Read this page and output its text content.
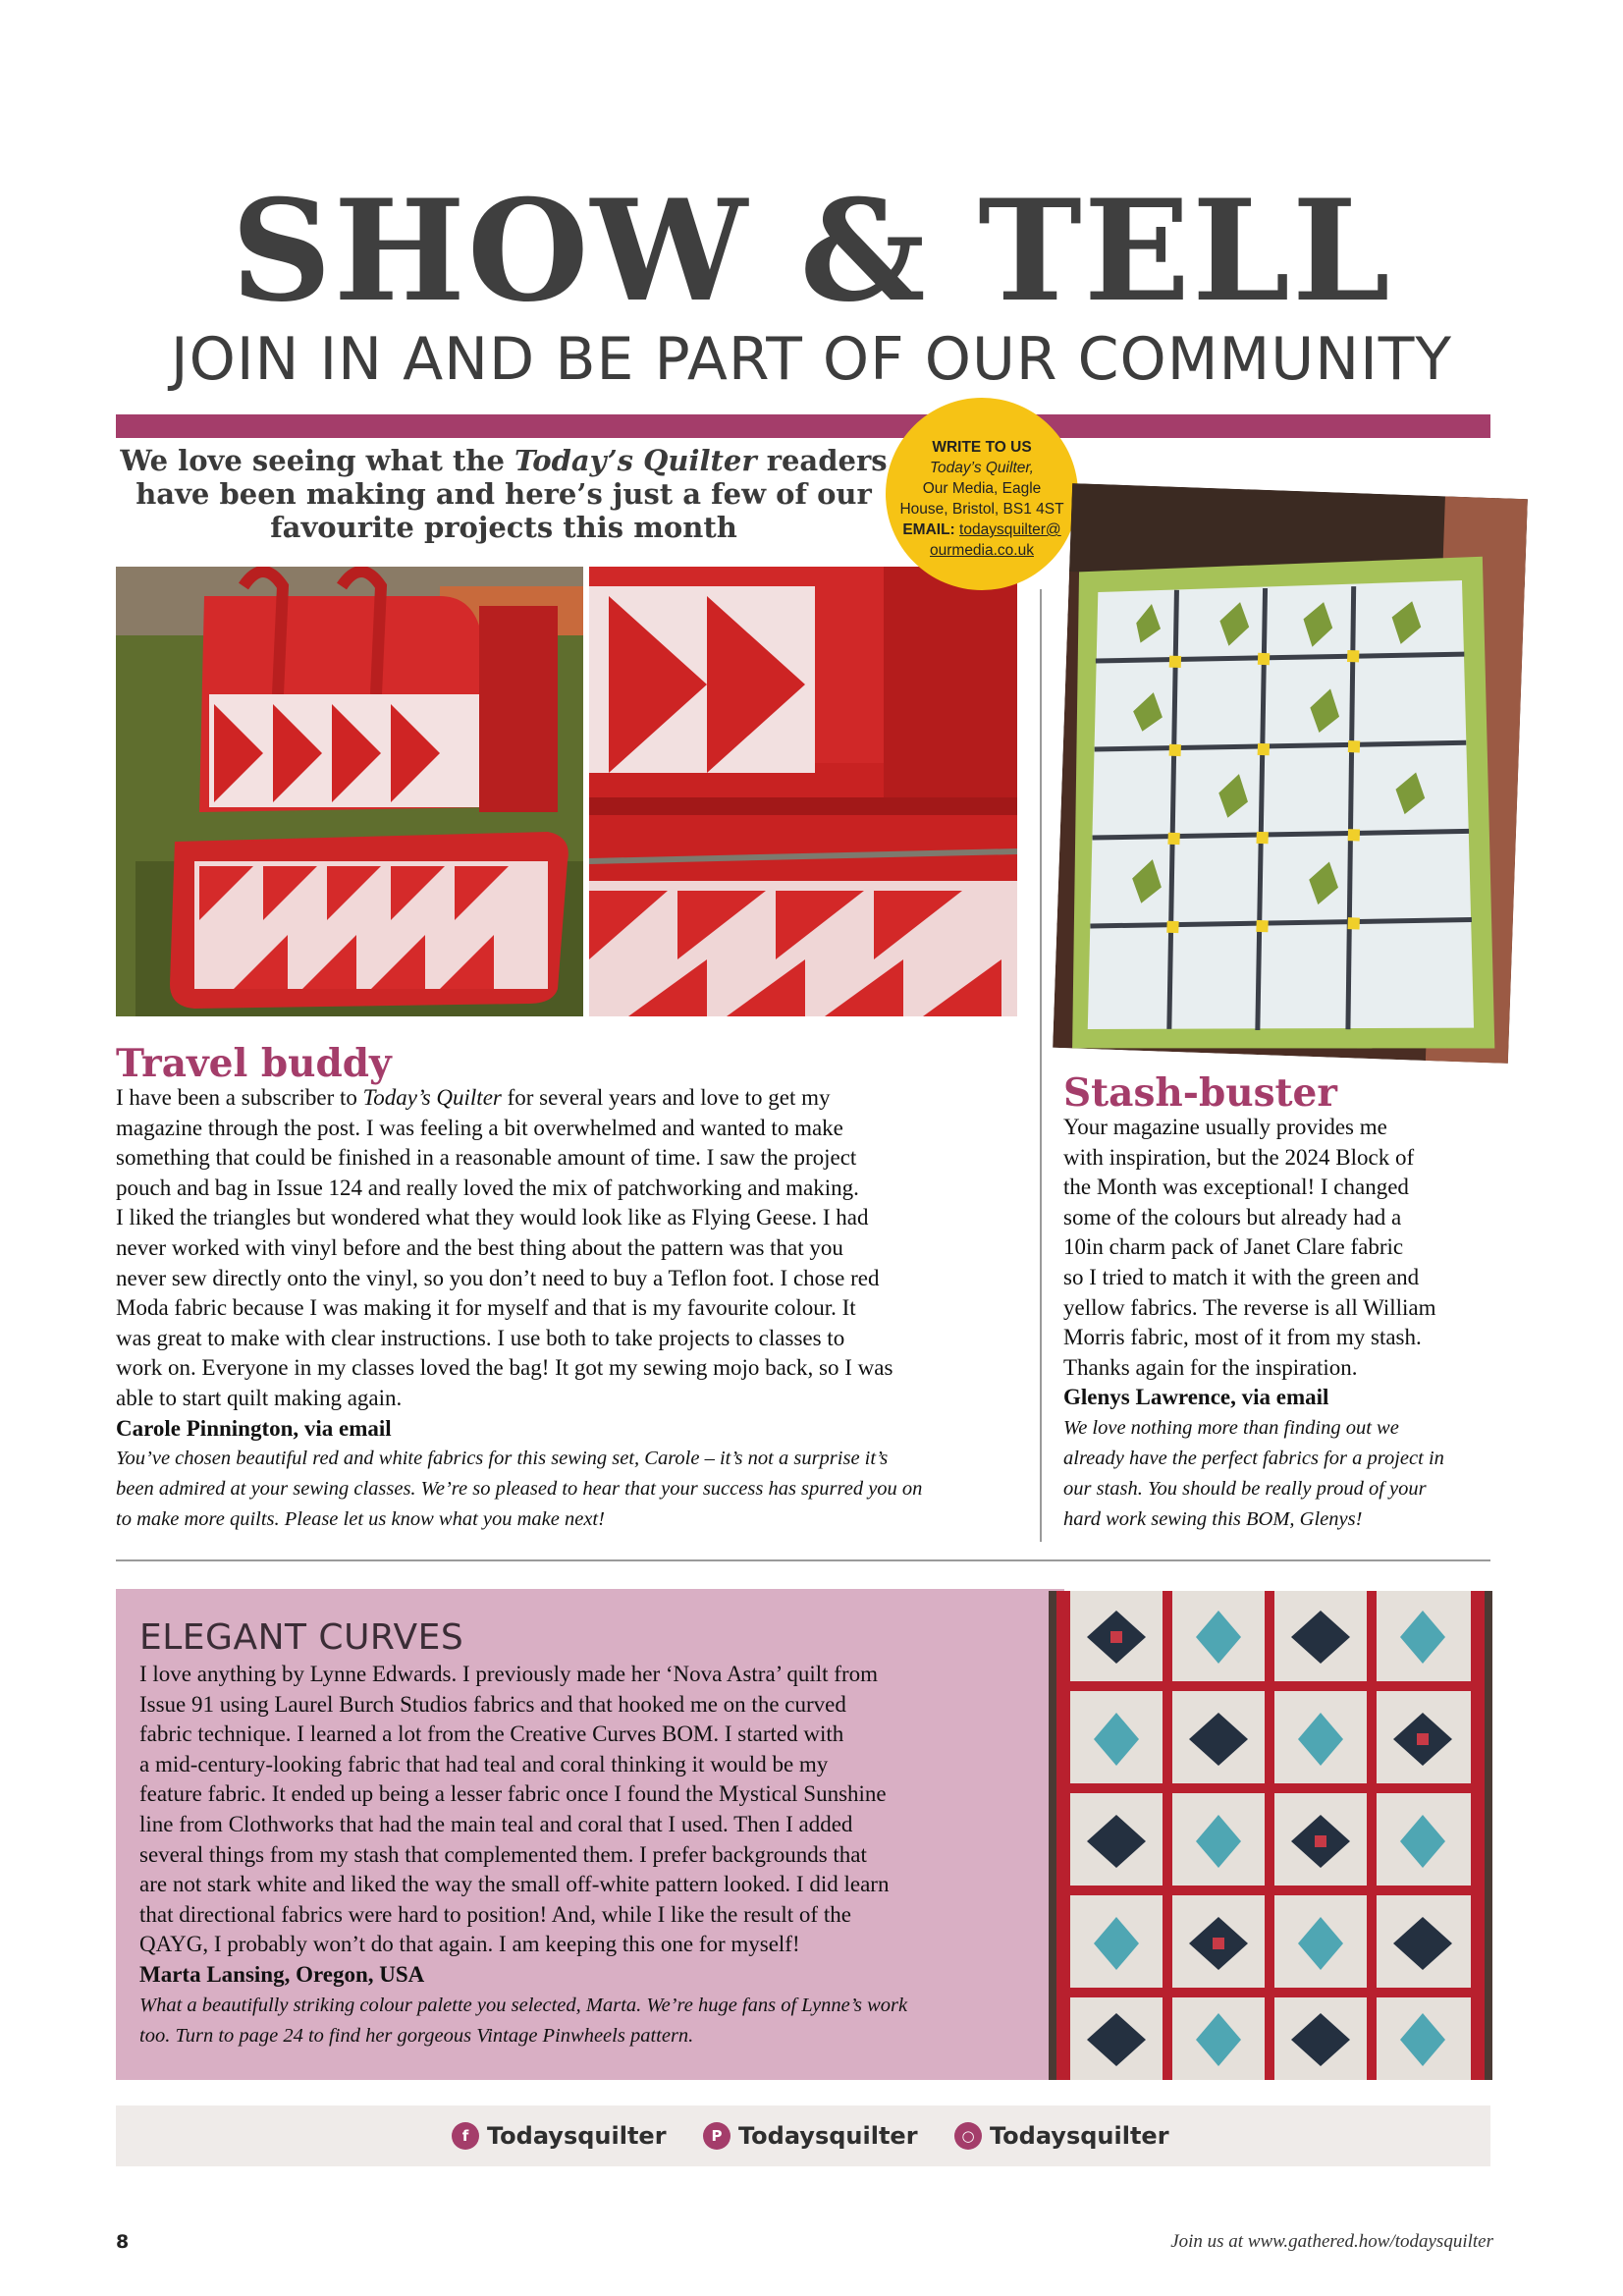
SHOW & TELL
JOIN IN AND BE PART OF OUR COMMUNITY
We love seeing what the Today’s Quilter readers
have been making and here’s just a few of our
favourite projects this month
WRITE TO US
Today’s Quilter,
Our Media, Eagle
House, Bristol, BS1 4ST
EMAIL: todaysquilter@
ourmedia.co.uk
Travel buddy
I have been a subscriber to Today’s Quilter for several years and love to get my
magazine through the post. I was feeling a bit overwhelmed and wanted to make
something that could be finished in a reasonable amount of time. I saw the project
pouch and bag in Issue 124 and really loved the mix of patchworking and making.
I liked the triangles but wondered what they would look like as Flying Geese. I had
never worked with vinyl before and the best thing about the pattern was that you
never sew directly onto the vinyl, so you don’t need to buy a Teflon foot. I chose red
Moda fabric because I was making it for myself and that is my favourite colour. It
was great to make with clear instructions. I use both to take projects to classes to
work on. Everyone in my classes loved the bag! It got my sewing mojo back, so I was
able to start quilt making again.
Carole Pinnington, via email
You’ve chosen beautiful red and white fabrics for this sewing set, Carole – it’s not a surprise it’s
been admired at your sewing classes. We’re so pleased to hear that your success has spurred you on
to make more quilts. Please let us know what you make next!
Stash-buster
Your magazine usually provides me
with inspiration, but the 2024 Block of
the Month was exceptional! I changed
some of the colours but already had a
10in charm pack of Janet Clare fabric
so I tried to match it with the green and
yellow fabrics. The reverse is all William
Morris fabric, most of it from my stash.
Thanks again for the inspiration.
Glenys Lawrence, via email
We love nothing more than finding out we
already have the perfect fabrics for a project in
our stash. You should be really proud of your
hard work sewing this BOM, Glenys!
ELEGANT CURVES
I love anything by Lynne Edwards. I previously made her ‘Nova Astra’ quilt from
Issue 91 using Laurel Burch Studios fabrics and that hooked me on the curved
fabric technique. I learned a lot from the Creative Curves BOM. I started with
a mid-century-looking fabric that had teal and coral thinking it would be my
feature fabric. It ended up being a lesser fabric once I found the Mystical Sunshine
line from Clothworks that had the main teal and coral that I used. Then I added
several things from my stash that complemented them. I prefer backgrounds that
are not stark white and liked the way the small off-white pattern looked. I did learn
that directional fabrics were hard to position! And, while I like the result of the
QAYG, I probably won’t do that again. I am keeping this one for myself!
Marta Lansing, Oregon, USA
What a beautifully striking colour palette you selected, Marta. We’re huge fans of Lynne’s work
too. Turn to page 24 to find her gorgeous Vintage Pinwheels pattern.
f Todaysquilter	P Todaysquilter	○ Todaysquilter
8	Join us at www.gathered.how/todaysquilter
